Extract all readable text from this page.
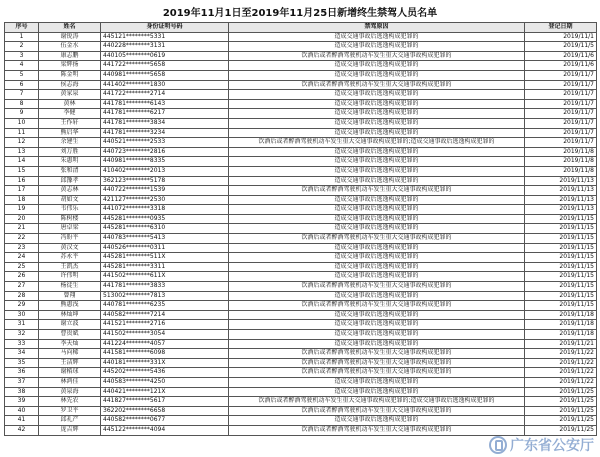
2019年11月1日至2019年11月25日新增终生禁驾人员名单
序号	姓名	身份证明号码	禁驾原因	登记日期
1	谢锐涛	445121********5331	造成交通事故后逃逸构成犯罪的	2019/11/1
2	伍金水	440228********3131	造成交通事故后逃逸构成犯罪的	2019/11/5
3	康志鹏	440105********0619	饮酒后或者醉酒驾驶机动车发生重大交通事故构成犯罪的	2019/11/6
4	梁辉扬	441722********5658	造成交通事故后逃逸构成犯罪的	2019/11/6
5	陈金明	440981********5658	造成交通事故后逃逸构成犯罪的	2019/11/7
6	侯志海	441402********1830	饮酒后或者醉酒驾驶机动车发生重大交通事故构成犯罪的	2019/11/7
7	黄家泉	441722********2714	造成交通事故后逃逸构成犯罪的	2019/11/7
8	黄林	441781********6143	造成交通事故后逃逸构成犯罪的	2019/11/7
9	李健	441781********6217	造成交通事故后逃逸构成犯罪的	2019/11/7
10	王作轩	441781********3834	造成交通事故后逃逸构成犯罪的	2019/11/7
11	熊启华	441781********3234	造成交通事故后逃逸构成犯罪的	2019/11/7
12	余建生	440521********2533	饮酒后或者醉酒驾驶机动车发生重大交通事故构成犯罪的;造成交通事故后逃逸构成犯罪的	2019/11/7
13	刘万胜	440723********2816	造成交通事故后逃逸构成犯罪的	2019/11/8
14	朱惠明	440981********8335	造成交通事故后逃逸构成犯罪的	2019/11/8
15	张和清	410402********2013	造成交通事故后逃逸构成犯罪的	2019/11/8
16	邱豫孝	362123********5178	造成交通事故后逃逸构成犯罪的	2019/11/13
17	黄志林	440722********1539	饮酒后或者醉酒驾驶机动车发生重大交通事故构成犯罪的	2019/11/13
18	胡如文	421127********2530	造成交通事故后逃逸构成犯罪的	2019/11/13
19	韦伟乐	441072********3318	造成交通事故后逃逸构成犯罪的	2019/11/13
20	陈树楼	445281********0935	造成交通事故后逃逸构成犯罪的	2019/11/15
21	唐卓梁	445281********6310	造成交通事故后逃逸构成犯罪的	2019/11/15
22	冯盼平	440783********5413	饮酒后或者醉酒驾驶机动车发生重大交通事故构成犯罪的	2019/11/15
23	黄汉文	440526********0311	造成交通事故后逃逸构成犯罪的	2019/11/15
24	苏永平	445281********511X	造成交通事故后逃逸构成犯罪的	2019/11/15
25	王凯杰	445281********3311	造成交通事故后逃逸构成犯罪的	2019/11/15
26	许伟明	441502********611X	造成交通事故后逃逸构成犯罪的	2019/11/15
27	杨徒生	441781********3833	饮酒后或者醉酒驾驶机动车发生重大交通事故构成犯罪的	2019/11/15
28	曾翔	513002********7813	造成交通事故后逃逸构成犯罪的	2019/11/15
29	熊惠浅	440781********6235	饮酒后或者醉酒驾驶机动车发生重大交通事故构成犯罪的	2019/11/15
30	林灿坤	440582********7214	造成交通事故后逃逸构成犯罪的	2019/11/18
31	谢立波	441521********2716	造成交通事故后逃逸构成犯罪的	2019/11/18
32	曹贵斌	441502********3054	造成交通事故后逃逸构成犯罪的	2019/11/18
33	李天灿	441224********4057	造成交通事故后逃逸构成犯罪的	2019/11/21
34	马向稀	441581********6098	饮酒后或者醉酒驾驶机动车发生重大交通事故构成犯罪的	2019/11/22
35	王洁辉	440181********331X	饮酒后或者醉酒驾驶机动车发生重大交通事故构成犯罪的	2019/11/22
36	谢稻球	445202********5436	饮酒后或者醉酒驾驶机动车发生重大交通事故构成犯罪的	2019/11/22
37	林鸿佳	440583********4250	造成交通事故后逃逸构成犯罪的	2019/11/22
38	黄泉海	440421********121X	造成交通事故后逃逸构成犯罪的	2019/11/25
39	林先农	441827********5617	饮酒后或者醉酒驾驶机动车发生重大交通事故构成犯罪的;造成交通事故后逃逸构成犯罪的	2019/11/25
40	罗卫平	362202********6658	饮酒后或者醉酒驾驶机动车发生重大交通事故构成犯罪的	2019/11/25
41	邱礼产	440582********0677	造成交通事故后逃逸构成犯罪的	2019/11/25
42	庞吉辉	445122********4094	饮酒后或者醉酒驾驶机动车发生重大交通事故构成犯罪的	2019/11/25
广东省公安厅
